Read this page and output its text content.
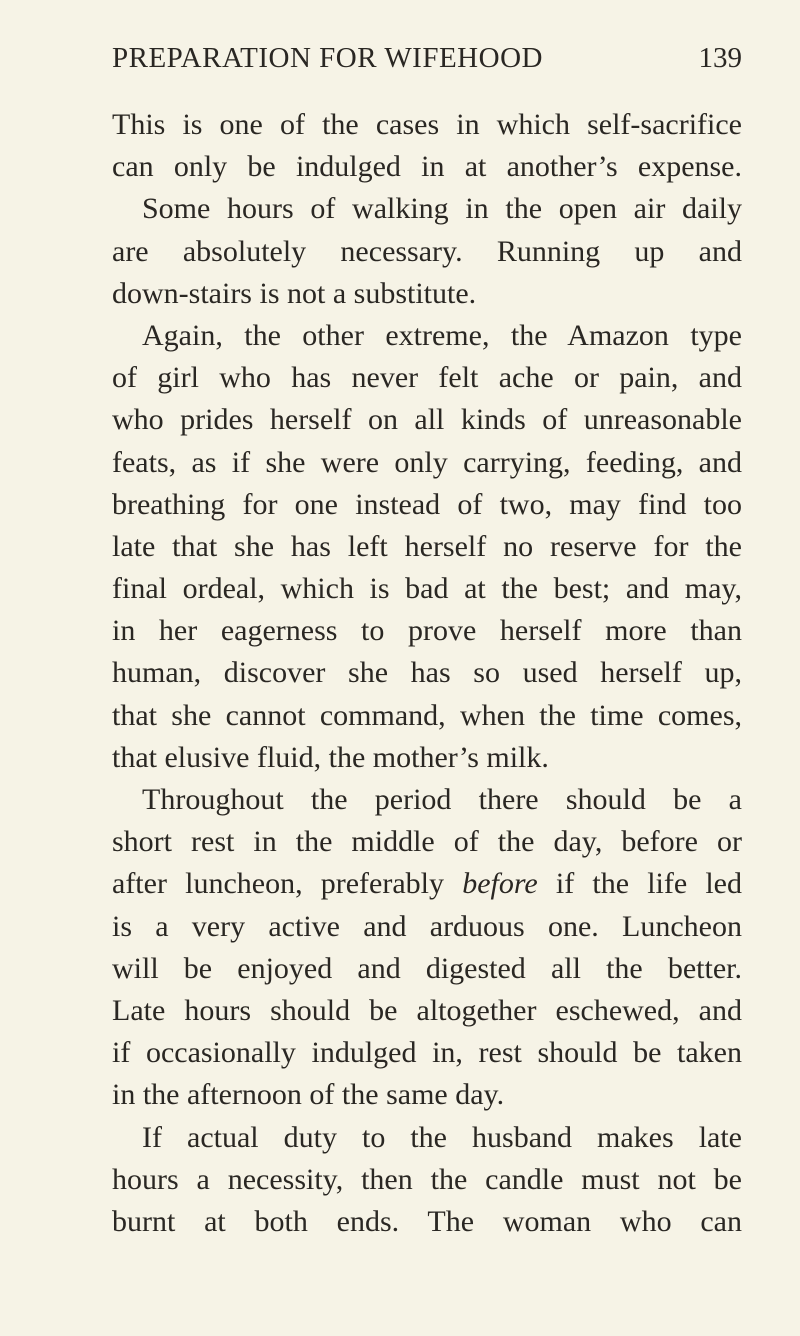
PREPARATION FOR WIFEHOOD	139
This is one of the cases in which self-sacrifice
can only be indulged in at another’s expense.
Some hours of walking in the open air daily
are absolutely necessary. Running up and
down-stairs is not a substitute.
Again, the other extreme, the Amazon type
of girl who has never felt ache or pain, and
who prides herself on all kinds of unreasonable
feats, as if she were only carrying, feeding, and
breathing for one instead of two, may find too
late that she has left herself no reserve for the
final ordeal, which is bad at the best; and may,
in her eagerness to prove herself more than
human, discover she has so used herself up,
that she cannot command, when the time comes,
that elusive fluid, the mother’s milk.
Throughout the period there should be a
short rest in the middle of the day, before or
after luncheon, preferably before if the life led
is a very active and arduous one. Luncheon
will be enjoyed and digested all the better.
Late hours should be altogether eschewed, and
if occasionally indulged in, rest should be taken
in the afternoon of the same day.
If actual duty to the husband makes late
hours a necessity, then the candle must not be
burnt at both ends. The woman who can
